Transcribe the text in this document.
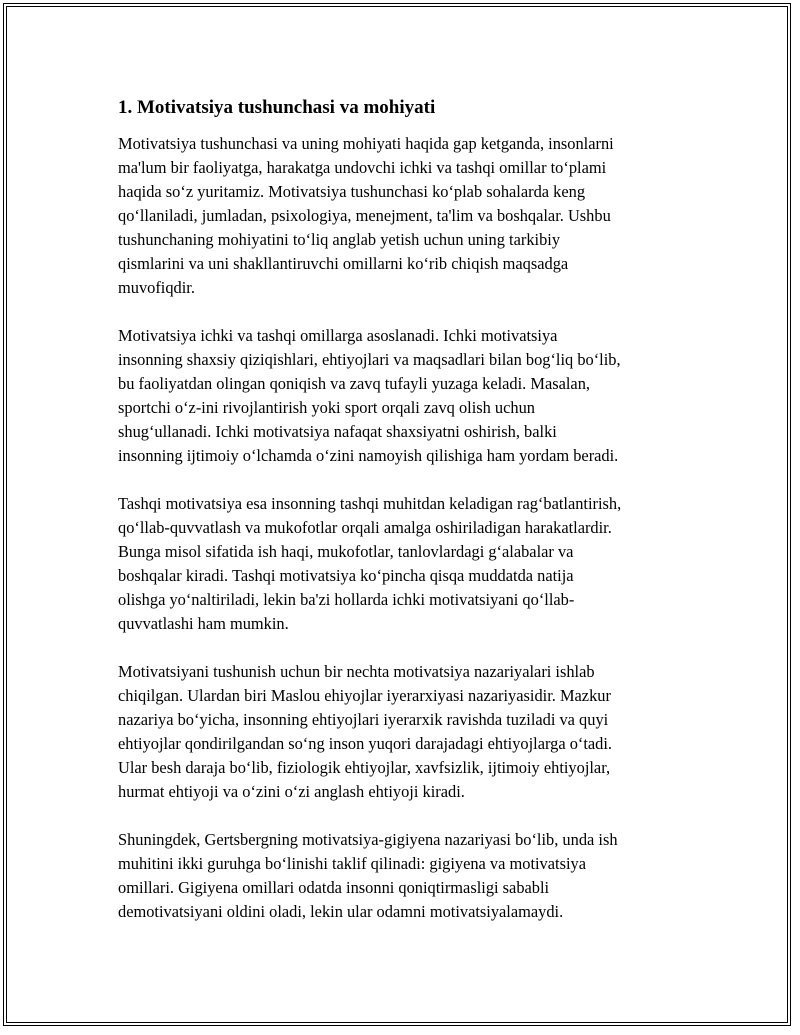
1. Motivatsiya tushunchasi va mohiyati
Motivatsiya tushunchasi va uning mohiyati haqida gap ketganda, insonlarni
ma'lum bir faoliyatga, harakatga undovchi ichki va tashqi omillar to‘plami
haqida so‘z yuritamiz. Motivatsiya tushunchasi ko‘plab sohalarda keng
qo‘llaniladi, jumladan, psixologiya, menejment, ta'lim va boshqalar. Ushbu
tushunchaning mohiyatini to‘liq anglab yetish uchun uning tarkibiy
qismlarini va uni shakllantiruvchi omillarni ko‘rib chiqish maqsadga
muvofiqdir.
Motivatsiya ichki va tashqi omillarga asoslanadi. Ichki motivatsiya
insonning shaxsiy qiziqishlari, ehtiyojlari va maqsadlari bilan bog‘liq bo‘lib,
bu faoliyatdan olingan qoniqish va zavq tufayli yuzaga keladi. Masalan,
sportchi o‘z-ini rivojlantirish yoki sport orqali zavq olish uchun
shug‘ullanadi. Ichki motivatsiya nafaqat shaxsiyatni oshirish, balki
insonning ijtimoiy o‘lchamda o‘zini namoyish qilishiga ham yordam beradi.
Tashqi motivatsiya esa insonning tashqi muhitdan keladigan rag‘batlantirish,
qo‘llab-quvvatlash va mukofotlar orqali amalga oshiriladigan harakatlardir.
Bunga misol sifatida ish haqi, mukofotlar, tanlovlardagi g‘alabalar va
boshqalar kiradi. Tashqi motivatsiya ko‘pincha qisqa muddatda natija
olishga yo‘naltiriladi, lekin ba'zi hollarda ichki motivatsiyani qo‘llab-
quvvatlashi ham mumkin.
Motivatsiyani tushunish uchun bir nechta motivatsiya nazariyalari ishlab
chiqilgan. Ulardan biri Maslou ehiyojlar iyerarxiyasi nazariyasidir. Mazkur
nazariya bo‘yicha, insonning ehtiyojlari iyerarxik ravishda tuziladi va quyi
ehtiyojlar qondirilgandan so‘ng inson yuqori darajadagi ehtiyojlarga o‘tadi.
Ular besh daraja bo‘lib, fiziologik ehtiyojlar, xavfsizlik, ijtimoiy ehtiyojlar,
hurmat ehtiyoji va o‘zini o‘zi anglash ehtiyoji kiradi.
Shuningdek, Gertsbergning motivatsiya-gigiyena nazariyasi bo‘lib, unda ish
muhitini ikki guruhga bo‘linishi taklif qilinadi: gigiyena va motivatsiya
omillari. Gigiyena omillari odatda insonni qoniqtirmasligi sababli
demotivatsiyani oldini oladi, lekin ular odamni motivatsiyalamaydi.
